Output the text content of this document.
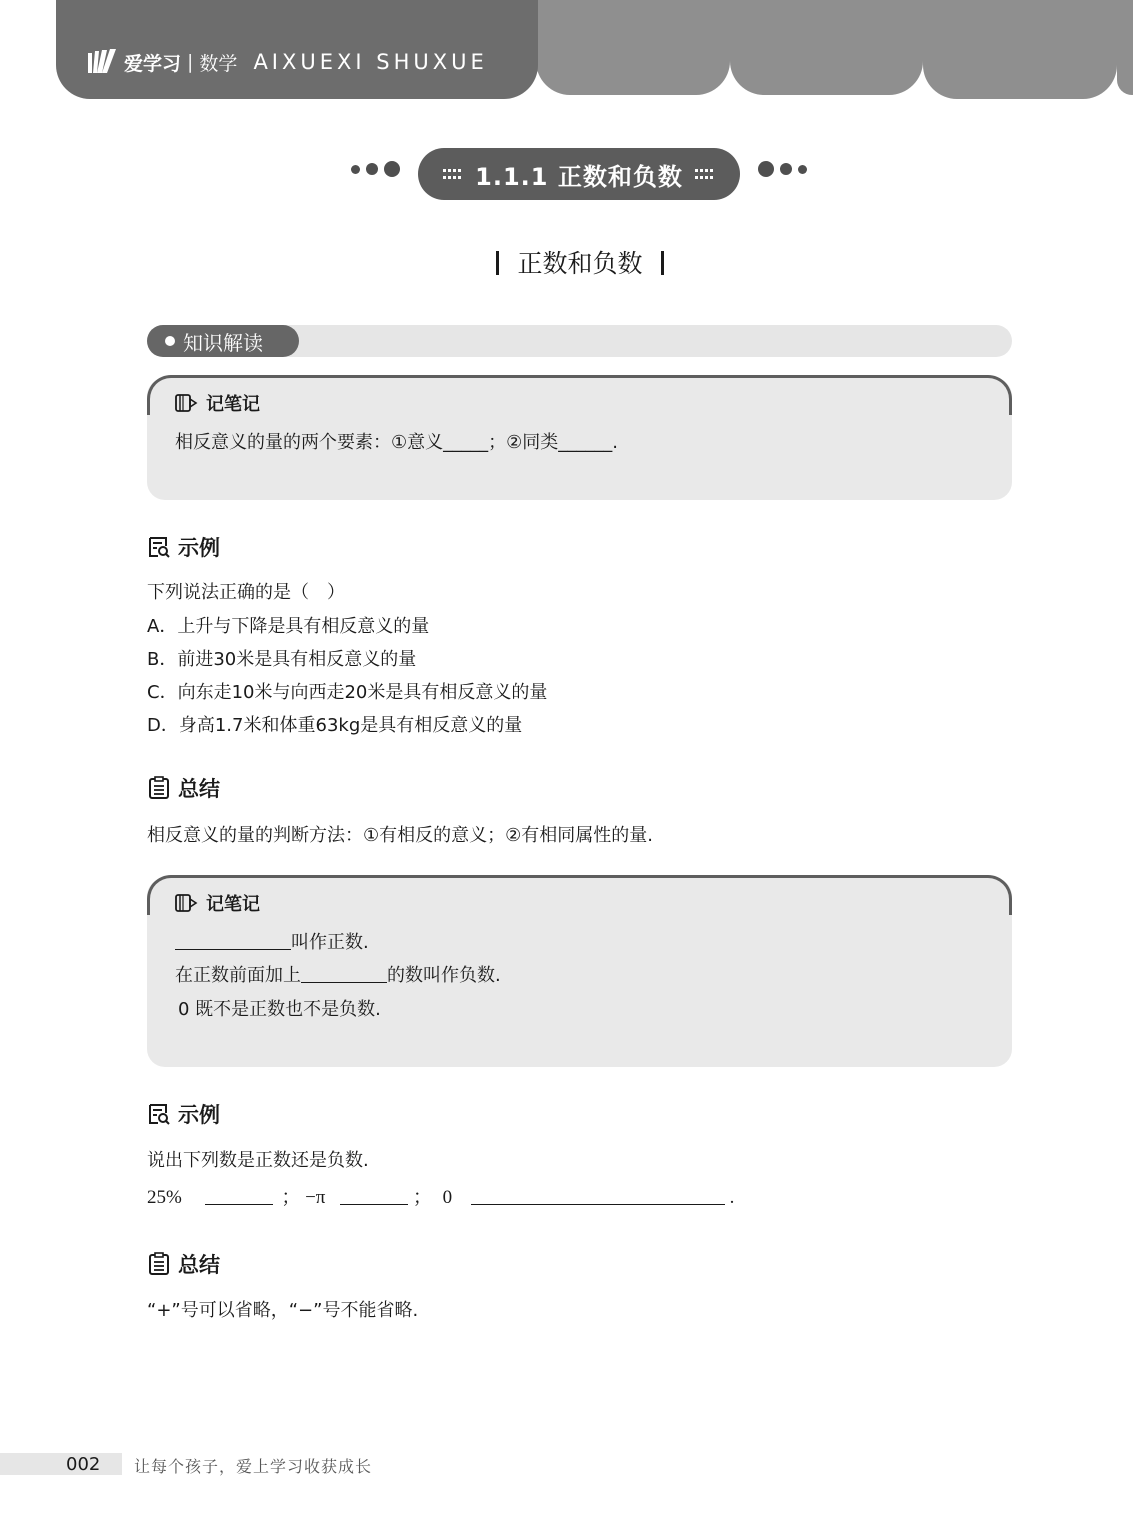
爱学习 | 数学 AIXUEXI SHUXUE
1.1.1 正数和负数
正数和负数
知识解读
记笔记
相反意义的量的两个要素：①意义_____；②同类______.
示例
下列说法正确的是（　）
A．上升与下降是具有相反意义的量
B．前进30米是具有相反意义的量
C．向东走10米与向西走20米是具有相反意义的量
D．身高1.7米和体重63kg是具有相反意义的量
总结
相反意义的量的判断方法：①有相反的意义；②有相同属性的量.
记笔记
叫作正数.
在正数前面加上	的数叫作负数.
0 既不是正数也不是负数.
示例
说出下列数是正数还是负数.
25%	； −π	； 0	.
总结
“+”号可以省略，“−”号不能省略.
002 让每个孩子，爱上学习收获成长
